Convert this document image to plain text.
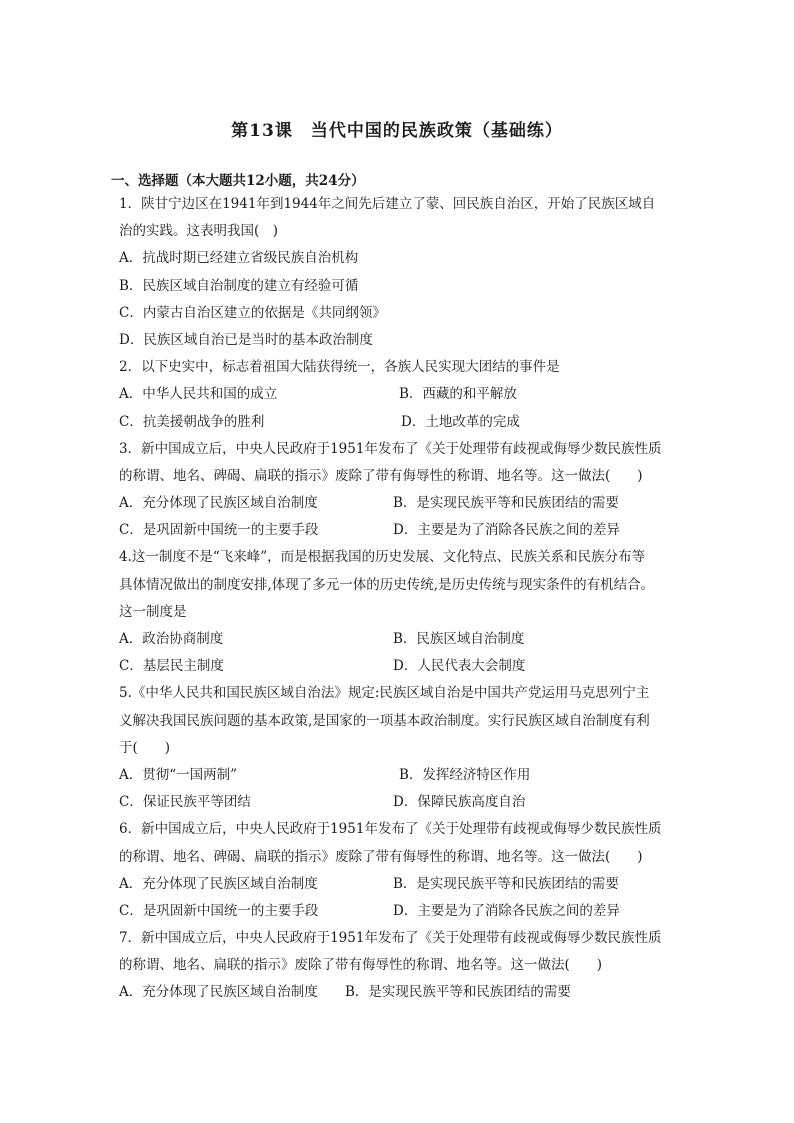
第13课　当代中国的民族政策（基础练）
一、选择题（本大题共12小题，共24分）
1．陕甘宁边区在1941年到1944年之间先后建立了蒙、回民族自治区，开始了民族区域自
治的实践。这表明我国(　)
A．抗战时期已经建立省级民族自治机构
B．民族区域自治制度的建立有经验可循
C．内蒙古自治区建立的依据是《共同纲领》
D．民族区域自治已是当时的基本政治制度
2．以下史实中，标志着祖国大陆获得统一，各族人民实现大团结的事件是
A．中华人民共和国的成立	B．西藏的和平解放
C．抗美援朝战争的胜利	D．土地改革的完成
3．新中国成立后，中央人民政府于1951年发布了《关于处理带有歧视或侮辱少数民族性质
的称谓、地名、碑碣、扁联的指示》废除了带有侮辱性的称谓、地名等。这一做法(　　)
A．充分体现了民族区域自治制度	B．是实现民族平等和民族团结的需要
C．是巩固新中国统一的主要手段	D．主要是为了消除各民族之间的差异
4.这一制度不是“飞来峰”，而是根据我国的历史发展、文化特点、民族关系和民族分布等
具体情况做出的制度安排,体现了多元一体的历史传统,是历史传统与现实条件的有机结合。
这一制度是
A．政治协商制度	B．民族区域自治制度
C．基层民主制度	D．人民代表大会制度
5.《中华人民共和国民族区域自治法》规定:民族区域自治是中国共产党运用马克思列宁主
义解决我国民族问题的基本政策,是国家的一项基本政治制度。实行民族区域自治制度有利
于(　　)
A．贯彻“一国两制”	B．发挥经济特区作用
C．保证民族平等团结	D．保障民族高度自治
6．新中国成立后，中央人民政府于1951年发布了《关于处理带有歧视或侮辱少数民族性质
的称谓、地名、碑碣、扁联的指示》废除了带有侮辱性的称谓、地名等。这一做法(　　)
A．充分体现了民族区域自治制度	B．是实现民族平等和民族团结的需要
C．是巩固新中国统一的主要手段	D．主要是为了消除各民族之间的差异
7．新中国成立后，中央人民政府于1951年发布了《关于处理带有歧视或侮辱少数民族性质
的称谓、地名、扁联的指示》废除了带有侮辱性的称谓、地名等。这一做法(　　)
A．充分体现了民族区域自治制度	B．是实现民族平等和民族团结的需要
